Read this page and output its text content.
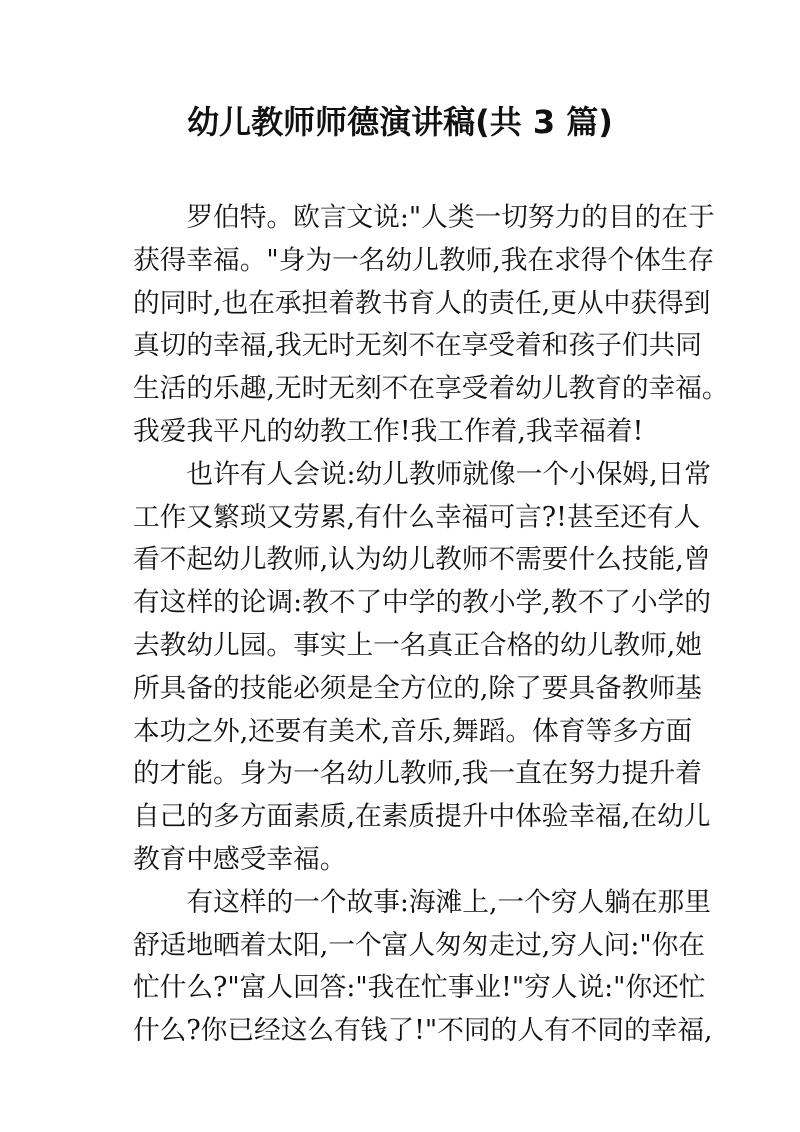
幼儿教师师德演讲稿(共 3 篇)
罗伯特。欧言文说:"人类一切努力的目的在于
获得幸福。"身为一名幼儿教师,我在求得个体生存
的同时,也在承担着教书育人的责任,更从中获得到
真切的幸福,我无时无刻不在享受着和孩子们共同
生活的乐趣,无时无刻不在享受着幼儿教育的幸福。
我爱我平凡的幼教工作!我工作着,我幸福着!
也许有人会说:幼儿教师就像一个小保姆,日常
工作又繁琐又劳累,有什么幸福可言?!甚至还有人
看不起幼儿教师,认为幼儿教师不需要什么技能,曾
有这样的论调:教不了中学的教小学,教不了小学的
去教幼儿园。事实上一名真正合格的幼儿教师,她
所具备的技能必须是全方位的,除了要具备教师基
本功之外,还要有美术,音乐,舞蹈。体育等多方面
的才能。身为一名幼儿教师,我一直在努力提升着
自己的多方面素质,在素质提升中体验幸福,在幼儿
教育中感受幸福。
有这样的一个故事:海滩上,一个穷人躺在那里
舒适地晒着太阳,一个富人匆匆走过,穷人问:"你在
忙什么?"富人回答:"我在忙事业!"穷人说:"你还忙
什么?你已经这么有钱了!"不同的人有不同的幸福,
